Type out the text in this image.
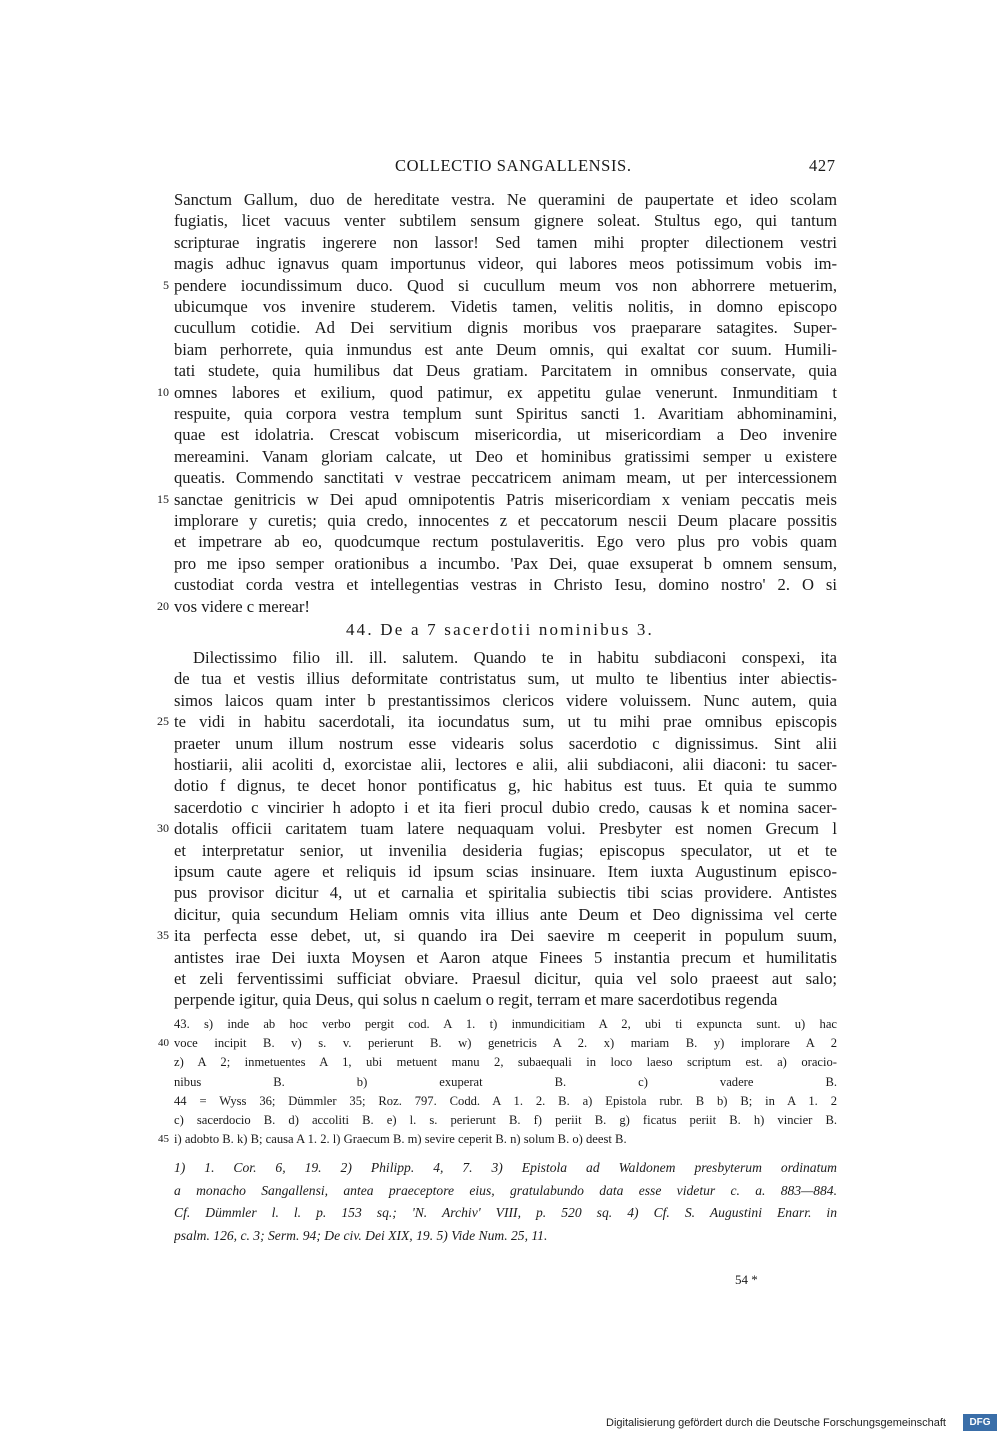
COLLECTIO SANGALLENSIS.	427
Sanctum Gallum, duo de hereditate vestra. Ne queramini de paupertate et ideo scolam
fugiatis, licet vacuus venter subtilem sensum gignere soleat. Stultus ego, qui tantum
scripturae ingratis ingerere non lassor! Sed tamen mihi propter dilectionem vestri
magis adhuc ignavus quam importunus videor, qui labores meos potissimum vobis im-
pendere iocundissimum duco. Quod si cucullum meum vos non abhorrere metuerim,
5
ubicumque vos invenire studerem. Videtis tamen, velitis nolitis, in domno episcopo
cucullum cotidie. Ad Dei servitium dignis moribus vos praeparare satagites. Super-
biam perhorrete, quia inmundus est ante Deum omnis, qui exaltat cor suum. Humili-
tati studete, quia humilibus dat Deus gratiam. Parcitatem in omnibus conservate, quia
omnes labores et exilium, quod patimur, ex appetitu gulae venerunt. Inmunditiam t
10
respuite, quia corpora vestra templum sunt Spiritus sancti 1. Avaritiam abhominamini,
quae est idolatria. Crescat vobiscum misericordia, ut misericordiam a Deo invenire
mereamini. Vanam gloriam calcate, ut Deo et hominibus gratissimi semper u existere
queatis. Commendo sanctitati v vestrae peccatricem animam meam, ut per intercessionem
sanctae genitricis w Dei apud omnipotentis Patris misericordiam x veniam peccatis meis
15
implorare y curetis; quia credo, innocentes z et peccatorum nescii Deum placare possitis
et impetrare ab eo, quodcumque rectum postulaveritis. Ego vero plus pro vobis quam
pro me ipso semper orationibus a incumbo. 'Pax Dei, quae exsuperat b omnem sensum,
custodiat corda vestra et intellegentias vestras in Christo Iesu, domino nostro' 2. O si
vos videre c merear!
20
44. De a 7 sacerdotii nominibus 3.
Dilectissimo filio ill. ill. salutem. Quando te in habitu subdiaconi conspexi, ita
de tua et vestis illius deformitate contristatus sum, ut multo te libentius inter abiectis-
simos laicos quam inter b prestantissimos clericos videre voluissem. Nunc autem, quia
te vidi in habitu sacerdotali, ita iocundatus sum, ut tu mihi prae omnibus episcopis
25
praeter unum illum nostrum esse videaris solus sacerdotio c dignissimus. Sint alii
hostiarii, alii acoliti d, exorcistae alii, lectores e alii, alii subdiaconi, alii diaconi: tu sacer-
dotio f dignus, te decet honor pontificatus g, hic habitus est tuus. Et quia te summo
sacerdotio c vincirier h adopto i et ita fieri procul dubio credo, causas k et nomina sacer-
dotalis officii caritatem tuam latere nequaquam volui. Presbyter est nomen Grecum l
30
et interpretatur senior, ut invenilia desideria fugias; episcopus speculator, ut et te
ipsum caute agere et reliquis id ipsum scias insinuare. Item iuxta Augustinum episco-
pus provisor dicitur 4, ut et carnalia et spiritalia subiectis tibi scias providere. Antistes
dicitur, quia secundum Heliam omnis vita illius ante Deum et Deo dignissima vel certe
ita perfecta esse debet, ut, si quando ira Dei saevire m ceeperit in populum suum,
35
antistes irae Dei iuxta Moysen et Aaron atque Finees 5 instantia precum et humilitatis
et zeli ferventissimi sufficiat obviare. Praesul dicitur, quia vel solo praeest aut salo;
perpende igitur, quia Deus, qui solus n caelum o regit, terram et mare sacerdotibus regenda
43. s) inde ab hoc verbo pergit cod. A 1. t) inmundicitiam A 2, ubi ti expuncta sunt. u) hac
voce incipit B. v) s. v. perierunt B. w) genetricis A 2. x) mariam B. y) implorare A 2
40
z) A 2; inmetuentes A 1, ubi metuent manu 2, subaequali in loco laeso scriptum est. a) oracio-
nibus B. b) exuperat B. c) vadere B.
44 = Wyss 36; Dümmler 35; Roz. 797. Codd. A 1. 2. B. a) Epistola rubr. B b) B; in A 1. 2
c) sacerdocio B. d) accoliti B. e) l. s. perierunt B. f) periit B. g) ficatus periit B. h) vincier B.
i) adobto B. k) B; causa A 1. 2. l) Graecum B. m) sevire ceperit B. n) solum B. o) deest B.
45
1) 1. Cor. 6, 19. 2) Philipp. 4, 7. 3) Epistola ad Waldonem presbyterum ordinatum
a monacho Sangallensi, antea praeceptore eius, gratulabundo data esse videtur c. a. 883—884.
Cf. Dümmler l. l. p. 153 sq.; 'N. Archiv' VIII, p. 520 sq. 4) Cf. S. Augustini Enarr. in
psalm. 126, c. 3; Serm. 94; De civ. Dei XIX, 19. 5) Vide Num. 25, 11.
54 *
Digitalisierung gefördert durch die Deutsche Forschungsgemeinschaft	DFG
